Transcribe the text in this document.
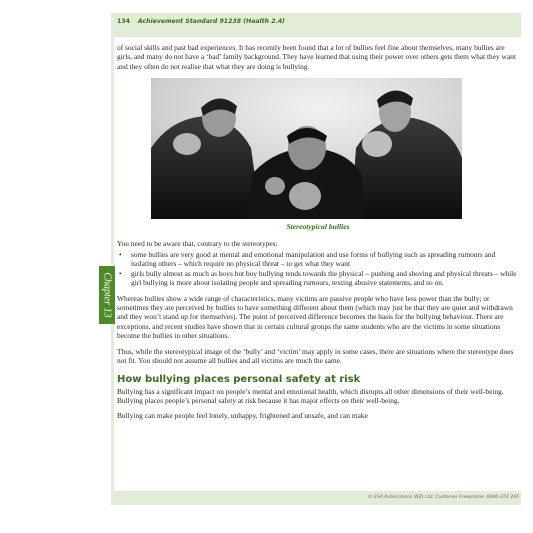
134 Achievement Standard 91238 (Health 2.4)
Chapter 13

of social skills and past bad experiences. It has recently been found that a lot of bullies feel fine about themselves, many bullies are girls, and many do not have a ‘bad’ family background. They have learned that using their power over others gets them what they want and they often do not realise that what they are doing is bullying.

Stereotypical bullies

You need to be aware that, contrary to the stereotypes:

• some bullies are very good at mental and emotional manipulation and use forms of bullying such as spreading rumours and isolating others – which require no physical threat – to get what they want
• girls bully almost as much as boys but boy bullying tends towards the physical – pushing and shoving and physical threats – while girl bullying is more about isolating people and spreading rumours, texting abusive statements, and so on.

Whereas bullies show a wide range of characteristics, many victims are passive people who have less power than the bully; or sometimes they are perceived by bullies to have something different about them (which may just be that they are quiet and withdrawn and they won’t stand up for themselves). The point of perceived difference becomes the basis for the bullying behaviour. There are exceptions, and recent studies have shown that in certain cultural groups the same students who are the victims in some situations become the bullies in other situations.

Thus, while the stereotypical image of the ‘bully’ and ‘victim’ may apply in some cases, there are situations where the stereotype does not fit. You should not assume all bullies and all victims are much the same.

How bullying places personal safety at risk

Bullying has a significant impact on people’s mental and emotional health, which disrupts all other dimensions of their well-being. Bullying places people’s personal safety at risk because it has major effects on their well-being.

Bullying can make people feel lonely, unhappy, frightened and unsafe, and can make

© ESA Publications (NZ) Ltd, Customer Freephone: 0800-372 266
